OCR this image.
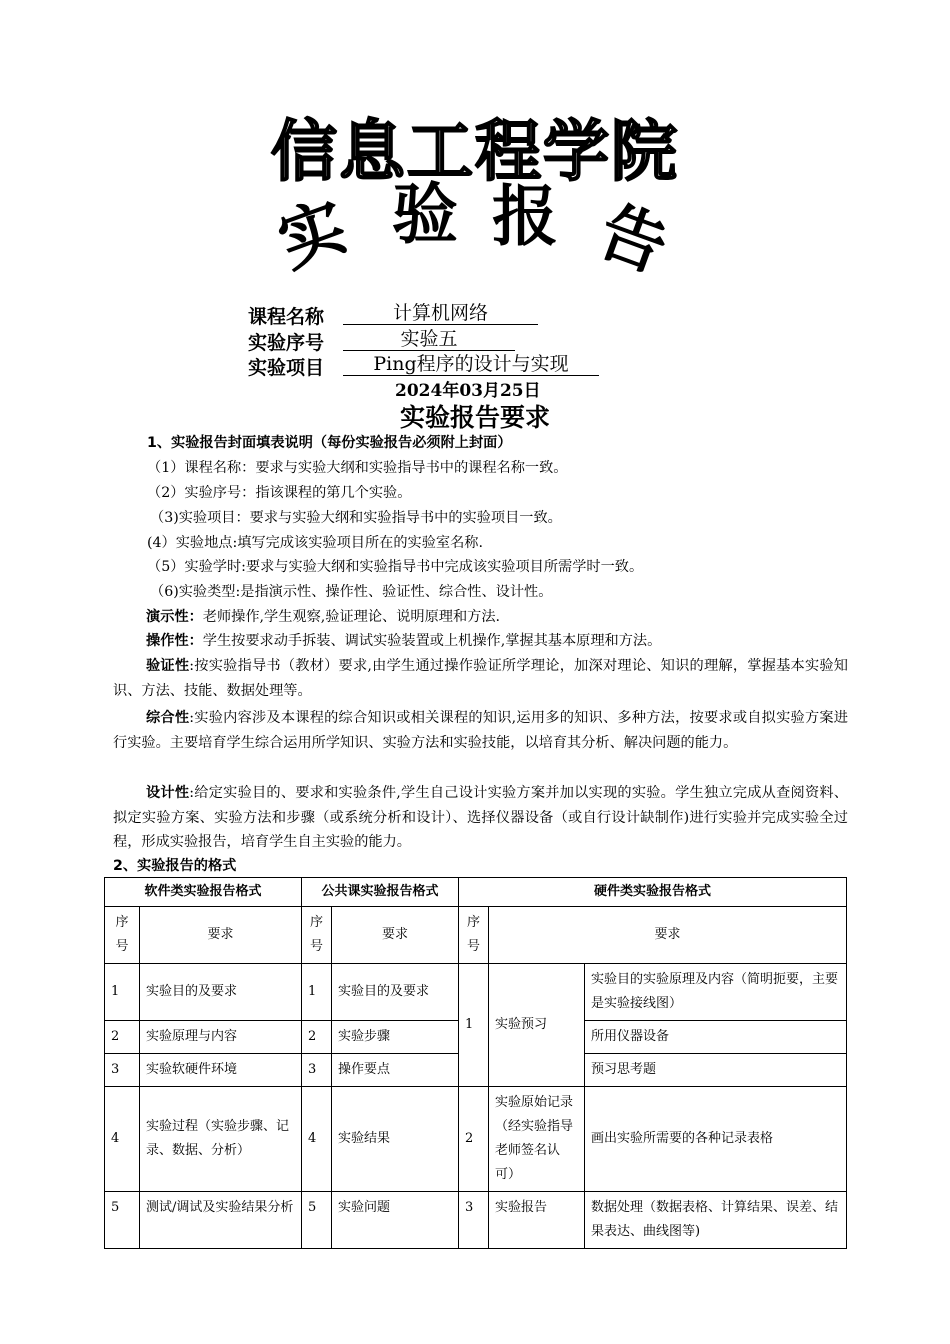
信息工程学院
实 验 报 告
课程名称	计算机网络
实验序号	实验五
实验项目	Ping程序的设计与实现
2024年03月25日
实验报告要求
1、实验报告封面填表说明（每份实验报告必须附上封面）
（1）课程名称：要求与实验大纲和实验指导书中的课程名称一致。
（2）实验序号：指该课程的第几个实验。
（3)实验项目：要求与实验大纲和实验指导书中的实验项目一致。
(4）实验地点:填写完成该实验项目所在的实验室名称.
（5）实验学时:要求与实验大纲和实验指导书中完成该实验项目所需学时一致。
（6)实验类型:是指演示性、操作性、验证性、综合性、设计性。
演示性：老师操作,学生观察,验证理论、说明原理和方法.
操作性：学生按要求动手拆装、调试实验装置或上机操作,掌握其基本原理和方法。
验证性:按实验指导书（教材）要求,由学生通过操作验证所学理论，加深对理论、知识的理解，掌握基本实验知识、方法、技能、数据处理等。
综合性:实验内容涉及本课程的综合知识或相关课程的知识,运用多的知识、多种方法，按要求或自拟实验方案进行实验。主要培育学生综合运用所学知识、实验方法和实验技能，以培育其分析、解决问题的能力。
设计性:给定实验目的、要求和实验条件,学生自己设计实验方案并加以实现的实验。学生独立完成从查阅资料、拟定实验方案、实验方法和步骤（或系统分析和设计）、选择仪器设备（或自行设计缺制作)进行实验并完成实验全过程，形成实验报告，培育学生自主实验的能力。
2、实验报告的格式
软件类实验报告格式		公共课实验报告格式		硬件类实验报告格式		
序号	要求	序号	要求	序号	要求	
1	实验目的及要求	1	实验目的及要求	1	实验预习	实验目的实验原理及内容（简明扼要，主要是实验接线图）
2	实验原理与内容	2	实验步骤			所用仪器设备
3	实验软硬件环境	3	操作要点			预习思考题
4	实验过程（实验步骤、记录、数据、分析）	4	实验结果	2	实验原始记录（经实验指导老师签名认可）	画出实验所需要的各种记录表格
5	测试/调试及实验结果分析	5	实验问题	3	实验报告	数据处理（数据表格、计算结果、误差、结果表达、曲线图等)
